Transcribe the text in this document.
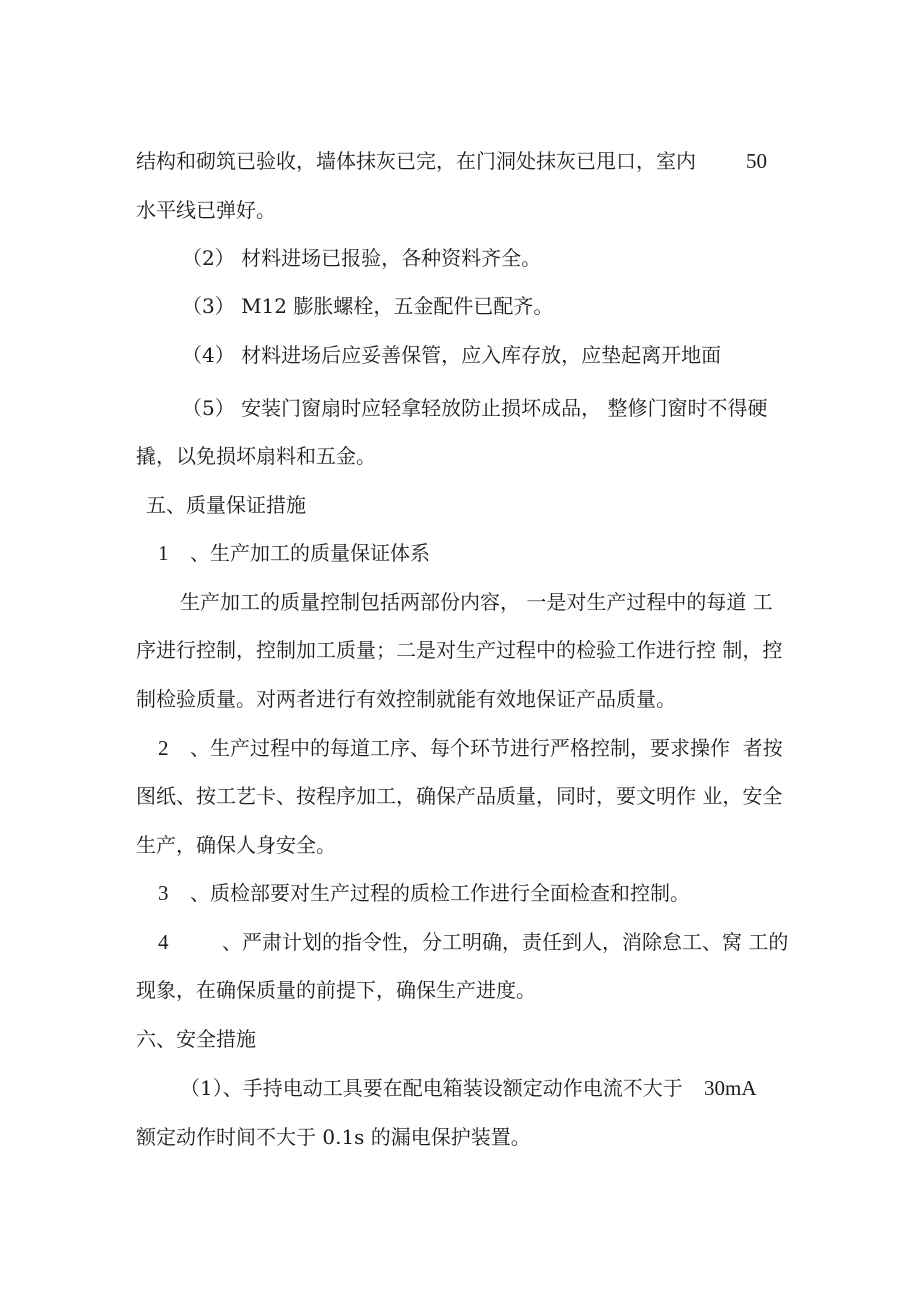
结构和砌筑已验收，墙体抹灰已完，在门洞处抹灰已甩口，室内 50
水平线已弹好。
（2） 材料进场已报验，各种资料齐全。
（3） M12 膨胀螺栓，五金配件已配齐。
（4） 材料进场后应妥善保管，应入库存放，应垫起离开地面
（5） 安装门窗扇时应轻拿轻放防止损坏成品， 整修门窗时不得硬
撬，以免损坏扇料和五金。
五、质量保证措施
1 、生产加工的质量保证体系
生产加工的质量控制包括两部份内容， 一是对生产过程中的每道 工
序进行控制，控制加工质量；二是对生产过程中的检验工作进行控 制，控
制检验质量。对两者进行有效控制就能有效地保证产品质量。
2 、生产过程中的每道工序、每个环节进行严格控制，要求操作  者按
图纸、按工艺卡、按程序加工，确保产品质量，同时，要文明作 业，安全
生产，确保人身安全。
3 、质检部要对生产过程的质检工作进行全面检查和控制。
4	、严肃计划的指令性，分工明确，责任到人，消除怠工、窝 工的
现象，在确保质量的前提下，确保生产进度。
六、安全措施
（1）、手持电动工具要在配电箱装设额定动作电流不大于 30mA
额定动作时间不大于 0.1s 的漏电保护装置。
